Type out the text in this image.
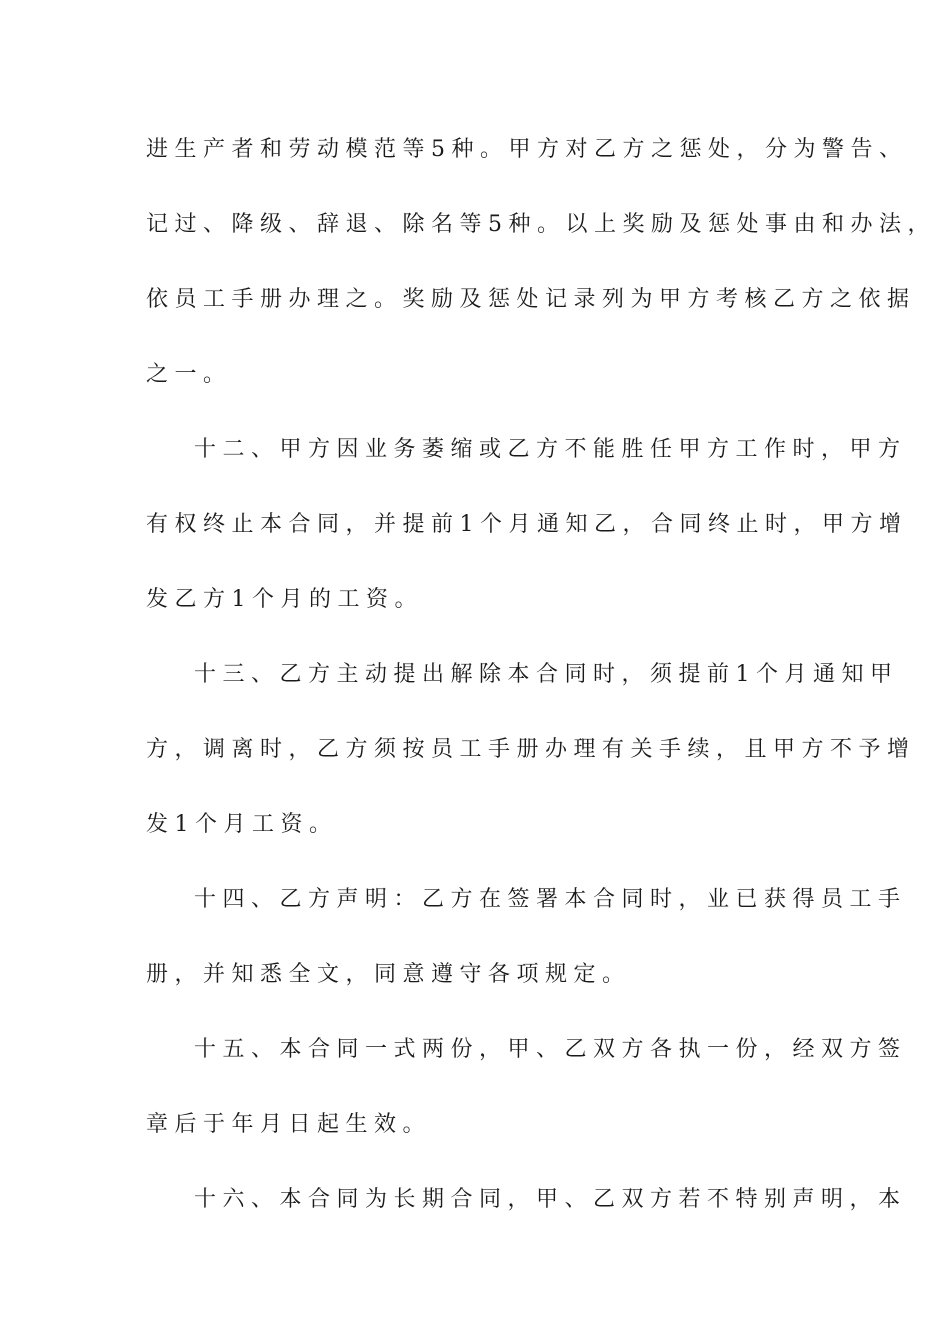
进生产者和劳动模范等5种。甲方对乙方之惩处，分为警告、
记过、降级、辞退、除名等5种。以上奖励及惩处事由和办法，
依员工手册办理之。奖励及惩处记录列为甲方考核乙方之依据
之一。
十二、甲方因业务萎缩或乙方不能胜任甲方工作时，甲方
有权终止本合同，并提前1个月通知乙，合同终止时，甲方增
发乙方1个月的工资。
十三、乙方主动提出解除本合同时，须提前1个月通知甲
方，调离时，乙方须按员工手册办理有关手续，且甲方不予增
发1个月工资。
十四、乙方声明：乙方在签署本合同时，业已获得员工手
册，并知悉全文，同意遵守各项规定。
十五、本合同一式两份，甲、乙双方各执一份，经双方签
章后于年月日起生效。
十六、本合同为长期合同，甲、乙双方若不特别声明，本
